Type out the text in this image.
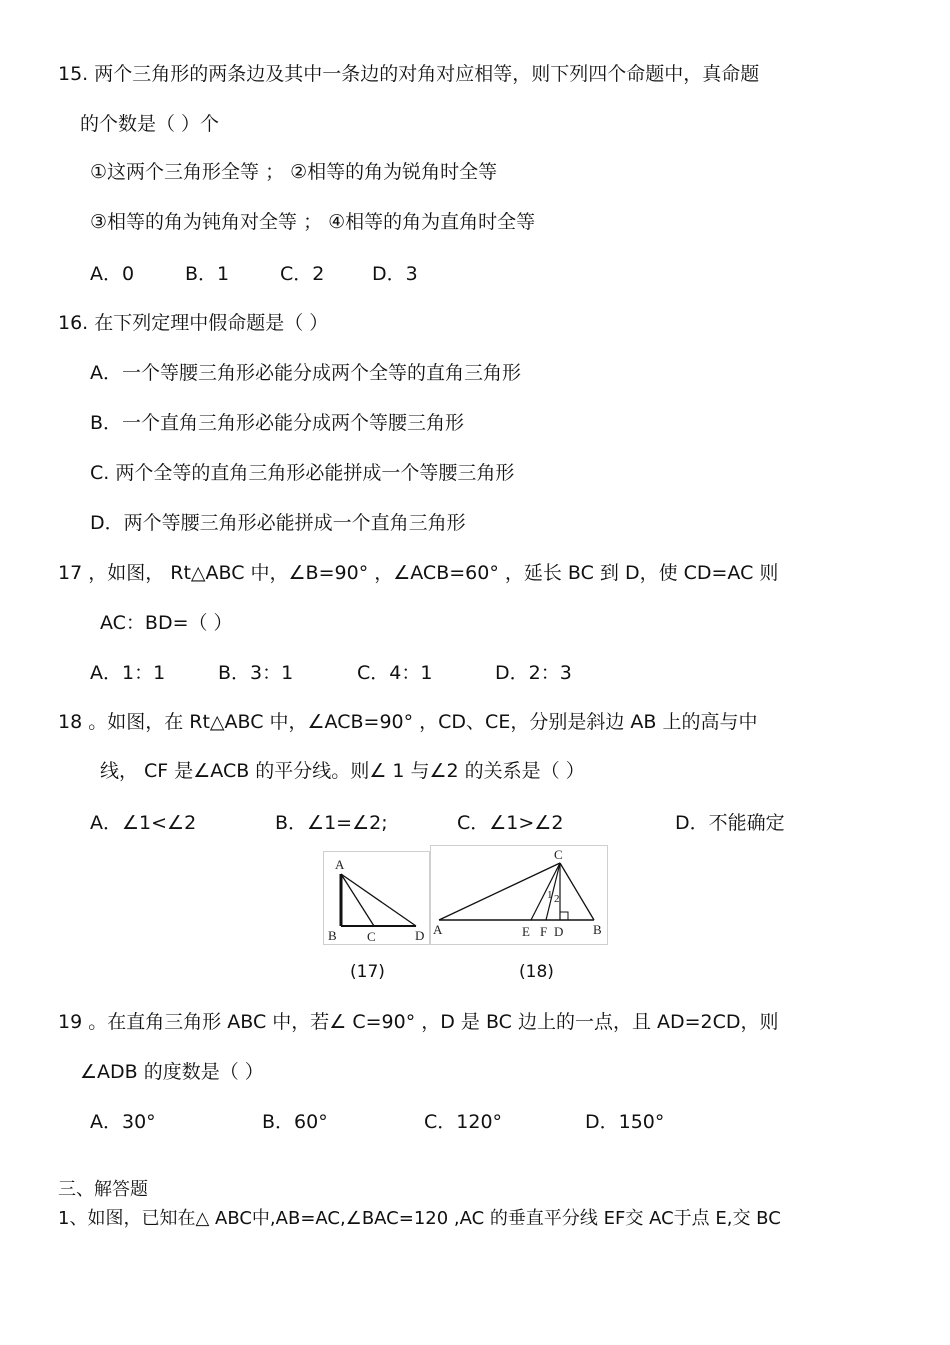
15. 两个三角形的两条边及其中一条边的对角对应相等，则下列四个命题中，真命题
的个数是（ ）个
①这两个三角形全等 ； ②相等的角为锐角时全等
③相等的角为钝角对全等 ； ④相等的角为直角时全等
A．0	B．1	C．2	D．3
16. 在下列定理中假命题是（ ）
A．一个等腰三角形必能分成两个全等的直角三角形
B．一个直角三角形必能分成两个等腰三角形
C. 两个全等的直角三角形必能拼成一个等腰三角形
D．两个等腰三角形必能拼成一个直角三角形
17 ，如图， Rt△ABC 中，∠B=90° ，∠ACB=60° ，延长 BC 到 D，使 CD=AC 则
AC：BD=（ ）
A．1：1	B．3：1	C．4：1	D．2：3
18 。如图，在 Rt△ABC 中，∠ACB=90° ，CD、CE，分别是斜边 AB 上的高与中
线， CF 是∠ACB 的平分线。则∠ 1 与∠2 的关系是（ ）
A．∠1<∠2	B．∠1=∠2;	C．∠1>∠2	D．不能确定
A
B C	D
C
A	E F D B
1 2
(17)	(18)
19 。在直角三角形 ABC 中，若∠ C=90° ，D 是 BC 边上的一点，且 AD=2CD，则
∠ADB 的度数是（ ）
A．30°	B．60°	C．120°	D．150°
三、解答题
1、如图，已知在△ ABC中,AB=AC,∠BAC=120 ,AC 的垂直平分线 EF交 AC于点 E,交 BC
